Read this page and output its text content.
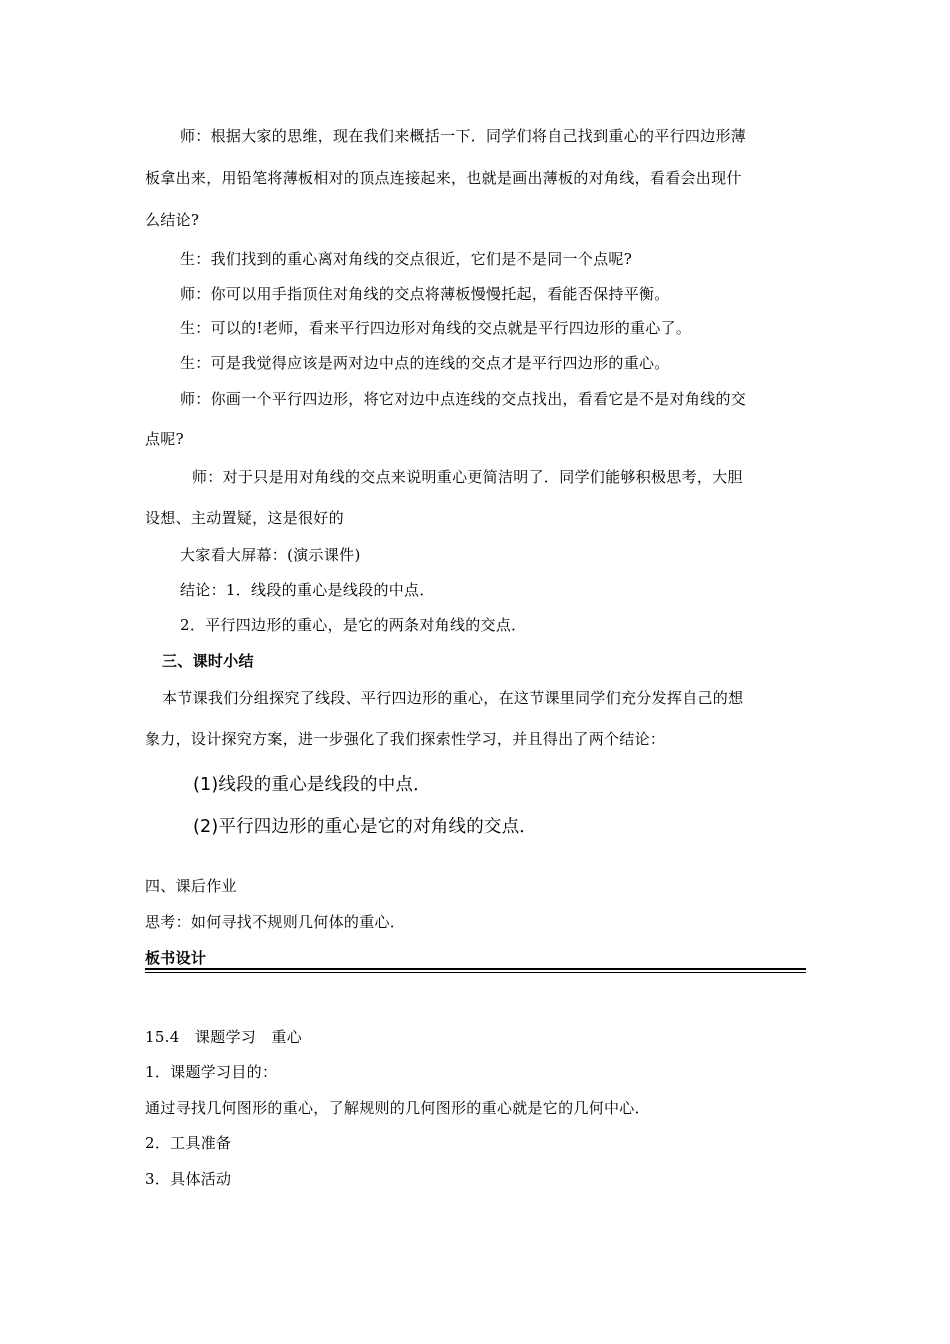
师：根据大家的思维，现在我们来概括一下．同学们将自己找到重心的平行四边形薄
板拿出来，用铅笔将薄板相对的顶点连接起来，也就是画出薄板的对角线，看看会出现什
么结论?
生：我们找到的重心离对角线的交点很近，它们是不是同一个点呢?
师：你可以用手指顶住对角线的交点将薄板慢慢托起，看能否保持平衡。
生：可以的!老师，看来平行四边形对角线的交点就是平行四边形的重心了。
生：可是我觉得应该是两对边中点的连线的交点才是平行四边形的重心。
师：你画一个平行四边形，将它对边中点连线的交点找出，看看它是不是对角线的交
点呢?
师：对于只是用对角线的交点来说明重心更简洁明了．同学们能够积极思考，大胆
设想、主动置疑，这是很好的
大家看大屏幕：(演示课件)
结论：1．线段的重心是线段的中点．
2．平行四边形的重心，是它的两条对角线的交点．
三、课时小结
本节课我们分组探究了线段、平行四边形的重心，在这节课里同学们充分发挥自己的想
象力，设计探究方案，进一步强化了我们探索性学习，并且得出了两个结论：
(1)线段的重心是线段的中点．
(2)平行四边形的重心是它的对角线的交点．
四、课后作业
思考：如何寻找不规则几何体的重心．
板书设计
15.4　课题学习　重心
1．课题学习目的：
通过寻找几何图形的重心，了解规则的几何图形的重心就是它的几何中心．
2．工具准备
3．具体活动
